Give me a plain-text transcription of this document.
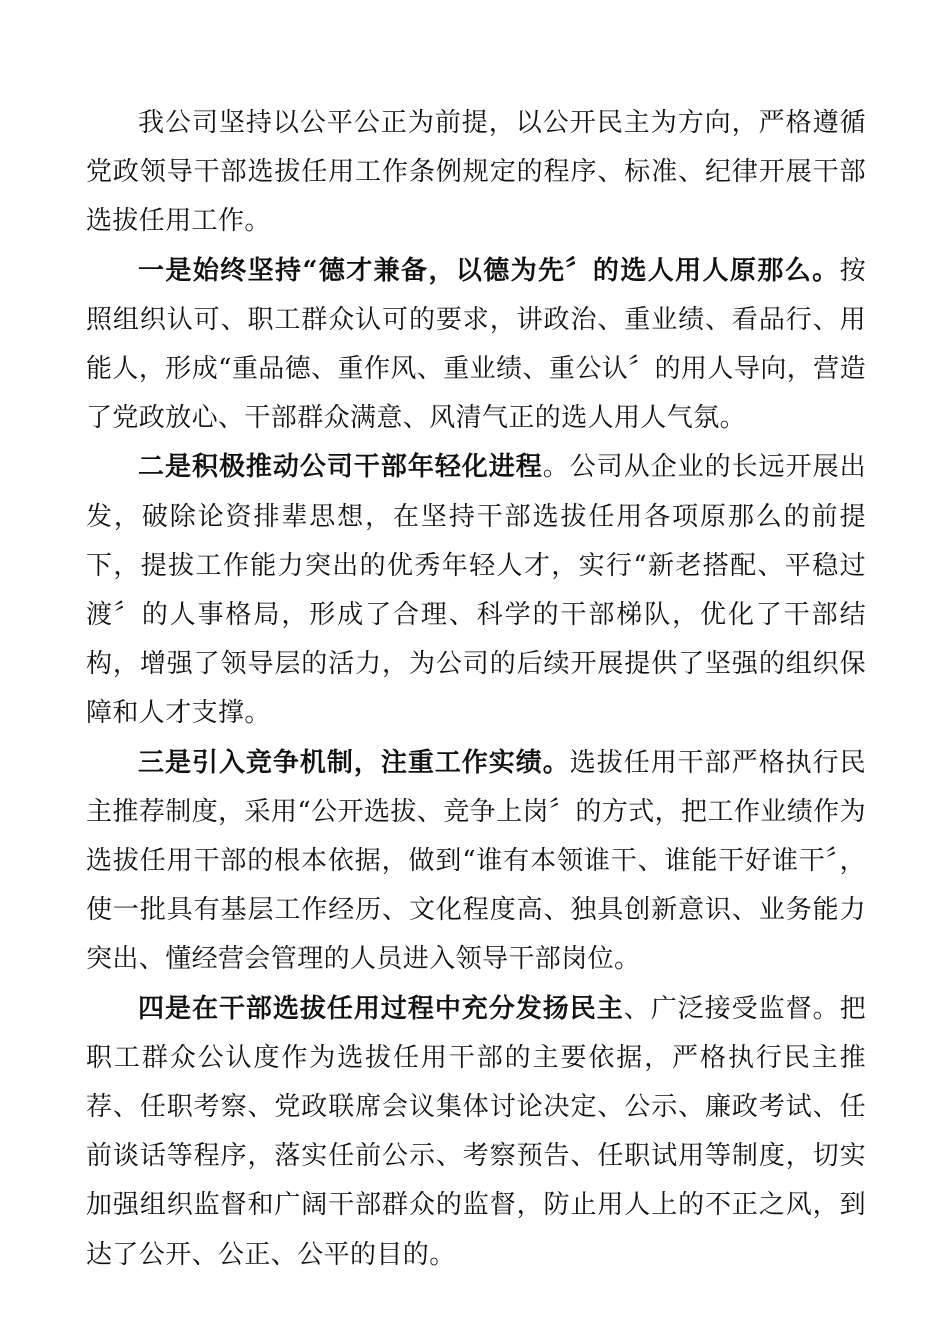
我公司坚持以公平公正为前提，以公开民主为方向，严格遵循党政领导干部选拔任用工作条例规定的程序、标准、纪律开展干部选拔任用工作。

一是始终坚持“德才兼备，以德为先〞的选人用人原那么。按照组织认可、职工群众认可的要求，讲政治、重业绩、看品行、用能人，形成“重品德、重作风、重业绩、重公认〞的用人导向，营造了党政放心、干部群众满意、风清气正的选人用人气氛。

二是积极推动公司干部年轻化进程。公司从企业的长远开展出发，破除论资排辈思想，在坚持干部选拔任用各项原那么的前提下，提拔工作能力突出的优秀年轻人才，实行“新老搭配、平稳过渡〞的人事格局，形成了合理、科学的干部梯队，优化了干部结构，增强了领导层的活力，为公司的后续开展提供了坚强的组织保障和人才支撑。

三是引入竞争机制，注重工作实绩。选拔任用干部严格执行民主推荐制度，采用“公开选拔、竞争上岗〞的方式，把工作业绩作为选拔任用干部的根本依据，做到“谁有本领谁干、谁能干好谁干〞，使一批具有基层工作经历、文化程度高、独具创新意识、业务能力突出、懂经营会管理的人员进入领导干部岗位。

四是在干部选拔任用过程中充分发扬民主、广泛接受监督。把职工群众公认度作为选拔任用干部的主要依据，严格执行民主推荐、任职考察、党政联席会议集体讨论决定、公示、廉政考试、任前谈话等程序，落实任前公示、考察预告、任职试用等制度，切实加强组织监督和广阔干部群众的监督，防止用人上的不正之风，到达了公开、公正、公平的目的。
